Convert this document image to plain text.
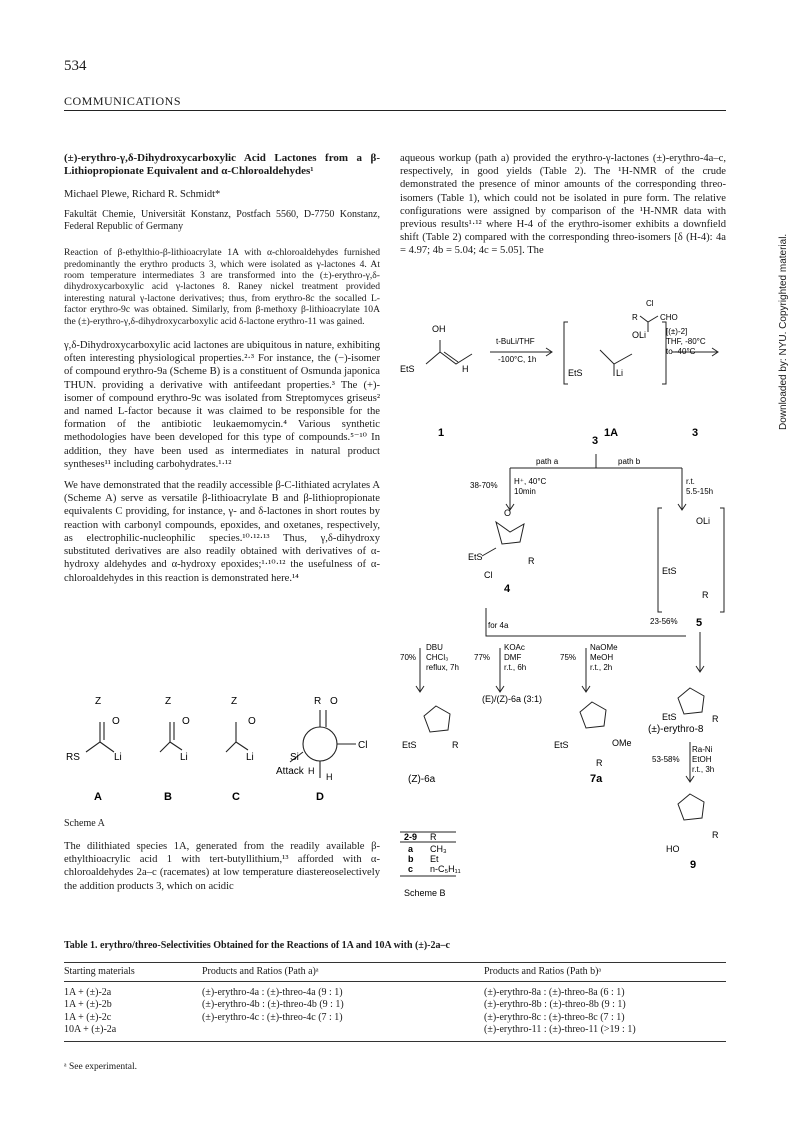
534
COMMUNICATIONS

(±)-erythro-γ,δ-Dihydroxycarboxylic Acid Lactones from a β-Lithiopropionate Equivalent and α-Chloroaldehydes¹

Michael Plewe, Richard R. Schmidt*

Fakultät Chemie, Universität Konstanz, Postfach 5560, D-7750 Konstanz, Federal Republic of Germany

Reaction of β-ethylthio-β-lithioacrylate 1A with α-chloroaldehydes furnished predominantly the erythro products 3, which were isolated as γ-lactones 4. At room temperature intermediates 3 are transformed into the (±)-erythro-γ,δ-dihydroxycarboxylic acid γ-lactones 8. Raney nickel treatment provided interesting natural γ-lactone derivatives; thus, from erythro-8c the socalled L-factor erythro-9c was obtained. Similarly, from β-methoxy β-lithioacrylate 10A the (±)-erythro-γ,δ-dihydroxycarboxylic acid δ-lactone erythro-11 was gained.

γ,δ-Dihydroxycarboxylic acid lactones are ubiquitous in nature, exhibiting often interesting physiological properties.²·³ For instance, the (−)-isomer of compound erythro-9a (Scheme B) is a constituent of Osmunda japonica THUN. providing a derivative with antifeedant properties.³ The (+)-isomer of compound erythro-9c was isolated from Streptomyces griseus² and named L-factor because it was claimed to be responsible for the formation of the antibiotic leukaemomycin.⁴ Various synthetic methodologies have been developed for this type of compounds.⁵⁻¹⁰ In addition, they have been used as intermediates in natural product syntheses¹¹ including carbohydrates.¹·¹²

We have demonstrated that the readily accessible β-C-lithiated acrylates A (Scheme A) serve as versatile β-lithioacrylate B and β-lithiopropionate equivalents C providing, for instance, γ- and δ-lactones in short routes by reaction with carbonyl compounds, epoxides, and oxetanes, respectively, as electrophilic-nucleophilic species.¹⁰·¹²·¹³ Thus, γ,δ-dihydroxy substituted derivatives are also readily obtained with derivatives of α-hydroxy aldehydes and α-hydroxy epoxides;¹·¹⁰·¹² the usefulness of α-chloroaldehydes in this reaction is demonstrated here.¹⁴

Z	Z	Z	R O
O	O	O
RS	Li	Li	Li
Cl
Si
Attack H
H
A	B	C	D
Scheme A

The dilithiated species 1A, generated from the readily available β-ethylthioacrylic acid 1 with tert-butyllithium,¹³ afforded with α-chloroaldehydes 2a–c (racemates) at low temperature diastereoselectively the addition products 3, which on acidic

aqueous workup (path a) provided the erythro-γ-lactones (±)-erythro-4a–c, respectively, in good yields (Table 2). The ¹H-NMR of the crude demonstrated the presence of minor amounts of the corresponding threo-isomers (Table 1), which could not be isolated in pure form. The relative configurations were assigned by comparison of the ¹H-NMR data with previous results¹·¹² where H-4 of the erythro-isomer exhibits a downfield shift (Table 2) compared with the corresponding threo-isomers [δ (H-4): 4a = 4.97; 4b = 5.04; 4c = 5.05]. The

OH
EtS	H
t-BuLi/THF
-100°C, 1h
OLi
EtS	Li
Cl
R	CHO
[(±)-2]
THF, -80°C
to -40°C
1	1A	3
3
path a	path b
38-70% H⁺, 40°C
10min
r.t.
5.5-15h
O
EtS	R
Cl
4
OLi
EtS
R
5
23-56%
for 4a
70%
DBU
CHCl₃
reflux, 7h
77%
KOAc
DMF
r.t., 6h
75%
NaOMe
MeOH
r.t., 2h
(E)/(Z)-6a (3:1)
EtS	R
(Z)-6a
EtS	OMe
R
7a
EtS	R
(±)-erythro-8
Ra-Ni
EtOH
r.t., 3h
53-58%
HO
R
9
2-9 R
a CH₃
b Et
c n-C₅H₁₁
Scheme B
Table 1. erythro/threo-Selectivities Obtained for the Reactions of 1A and 10A with (±)-2a–c
Starting materials	Products and Ratios (Path a)ᵃ	Products and Ratios (Path b)ᵃ
1A + (±)-2a	(±)-erythro-4a : (±)-threo-4a (9 : 1)	(±)-erythro-8a : (±)-threo-8a (6 : 1)
1A + (±)-2b	(±)-erythro-4b : (±)-threo-4b (9 : 1)	(±)-erythro-8b : (±)-threo-8b (9 : 1)
1A + (±)-2c	(±)-erythro-4c : (±)-threo-4c (7 : 1)	(±)-erythro-8c : (±)-threo-8c (7 : 1)
10A + (±)-2a		(±)-erythro-11 : (±)-threo-11 (>19 : 1)
ᵃ See experimental.
Downloaded by: NYU. Copyrighted material.
